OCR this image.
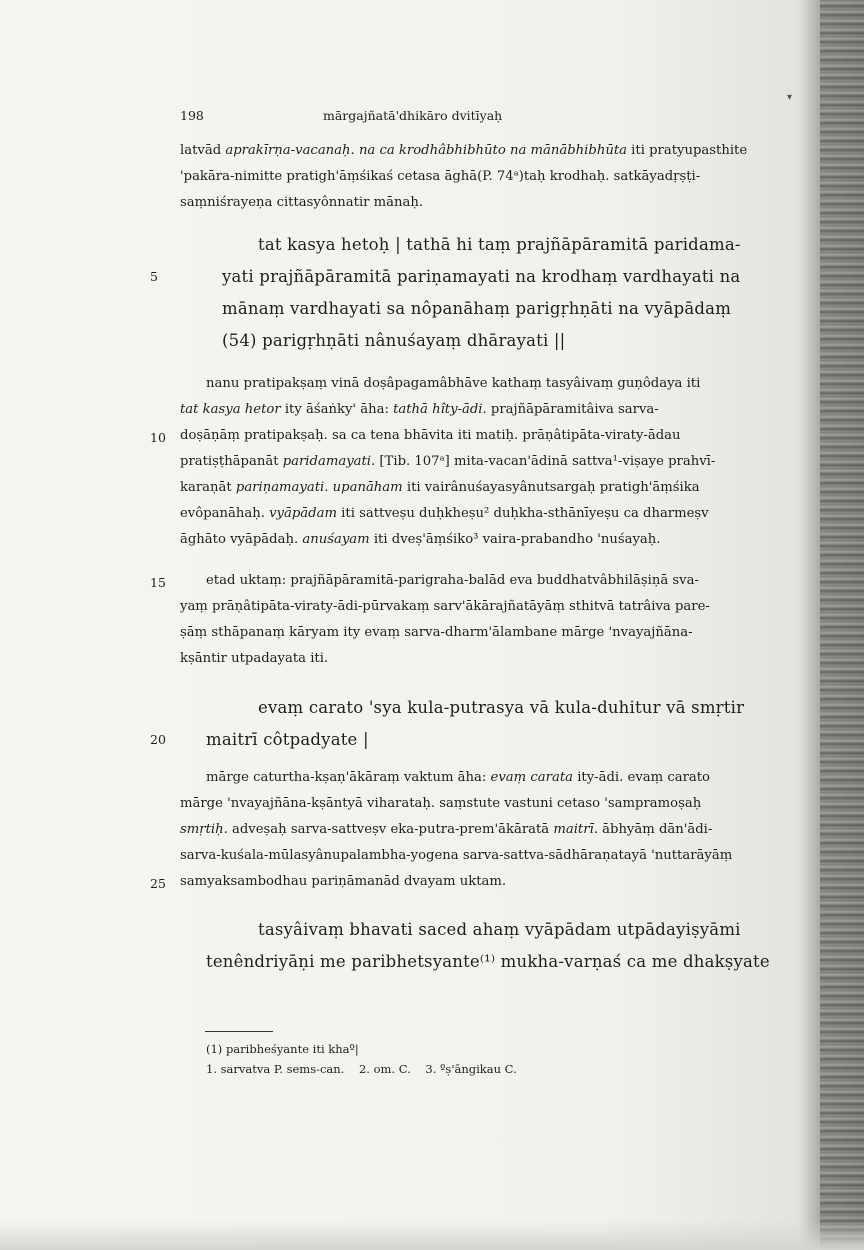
▾
198	mārgajñatā'dhikāro dvitīyaḥ
latvād aprakīrṇa-vacanaḥ. na ca krodhâbhibhūto na mānābhibhūta iti pratyupasthite
'pakāra-nimitte pratigh'āṃśikaś cetasa āghā(P. 74ᵃ)taḥ krodhaḥ. satkāyadṛṣṭi-
saṃniśrayeṇa cittasyônnatir mānaḥ.
tat kasya hetoḥ | tathā hi taṃ prajñāpāramitā paridama-
yati prajñāpāramitā pariṇamayati na krodhaṃ vardhayati na
mānaṃ vardhayati sa nôpanāhaṃ parigṛhṇāti na vyāpādaṃ
(54) parigṛhṇāti nânuśayaṃ dhārayati ||
nanu pratipakṣaṃ vinā doṣâpagamâbhāve kathaṃ tasyâivaṃ guṇôdaya iti
tat kasya hetor ity āśaṅky' āha: tathā hîty-ādi. prajñāpāramitâiva sarva-
doṣāṇāṃ pratipakṣaḥ. sa ca tena bhāvita iti matiḥ. prāṇâtipāta-viraty-ādau
pratiṣṭhāpanāt paridamayati. [Tib. 107ᵃ] mita-vacan'ādinā sattva¹-viṣaye prahvī-
karaṇāt pariṇamayati. upanāham iti vairânuśayasyânutsargaḥ pratigh'āṃśika
evôpanāhaḥ. vyāpādam iti sattveṣu duḥkheṣu² duḥkha-sthānīyeṣu ca dharmeṣv
āghāto vyāpādaḥ. anuśayam iti dveṣ'āṃśiko³ vaira-prabandho 'nuśayaḥ.
etad uktaṃ: prajñāpāramitā-parigraha-balād eva buddhatvâbhilāṣiṇā sva-
yaṃ prāṇâtipāta-viraty-ādi-pūrvakaṃ sarv'ākārajñatāyāṃ sthitvā tatrâiva pare-
ṣāṃ sthāpanaṃ kāryam ity evaṃ sarva-dharm'ālambane mārge 'nvayajñāna-
kṣāntir utpadayata iti.
evaṃ carato 'sya kula-putrasya vā kula-duhitur vā smṛtir
maitrī côtpadyate |
mārge caturtha-kṣaṇ'ākāraṃ vaktum āha: evaṃ carata ity-ādi. evaṃ carato
mārge 'nvayajñāna-kṣāntyā viharataḥ. saṃstute vastuni cetaso 'sampramoṣaḥ
smṛtiḥ. adveṣaḥ sarva-sattveṣv eka-putra-prem'ākāratā maitrī. ābhyāṃ dān'ādi-
sarva-kuśala-mūlasyânupalambha-yogena sarva-sattva-sādhāraṇatayā 'nuttarāyāṃ
samyaksambodhau pariṇāmanād dvayam uktam.
tasyâivaṃ bhavati saced ahaṃ vyāpādam utpādayiṣyāmi
tenêndriyāṇi me paribhetsyante⁽¹⁾ mukha-varṇaś ca me dhakṣyate
5
10
15
20
25
(1) paribheśyante iti khaº|
1. sarvatva P. sems-can.    2. om. C.    3. ºṣ'āngikau C.
